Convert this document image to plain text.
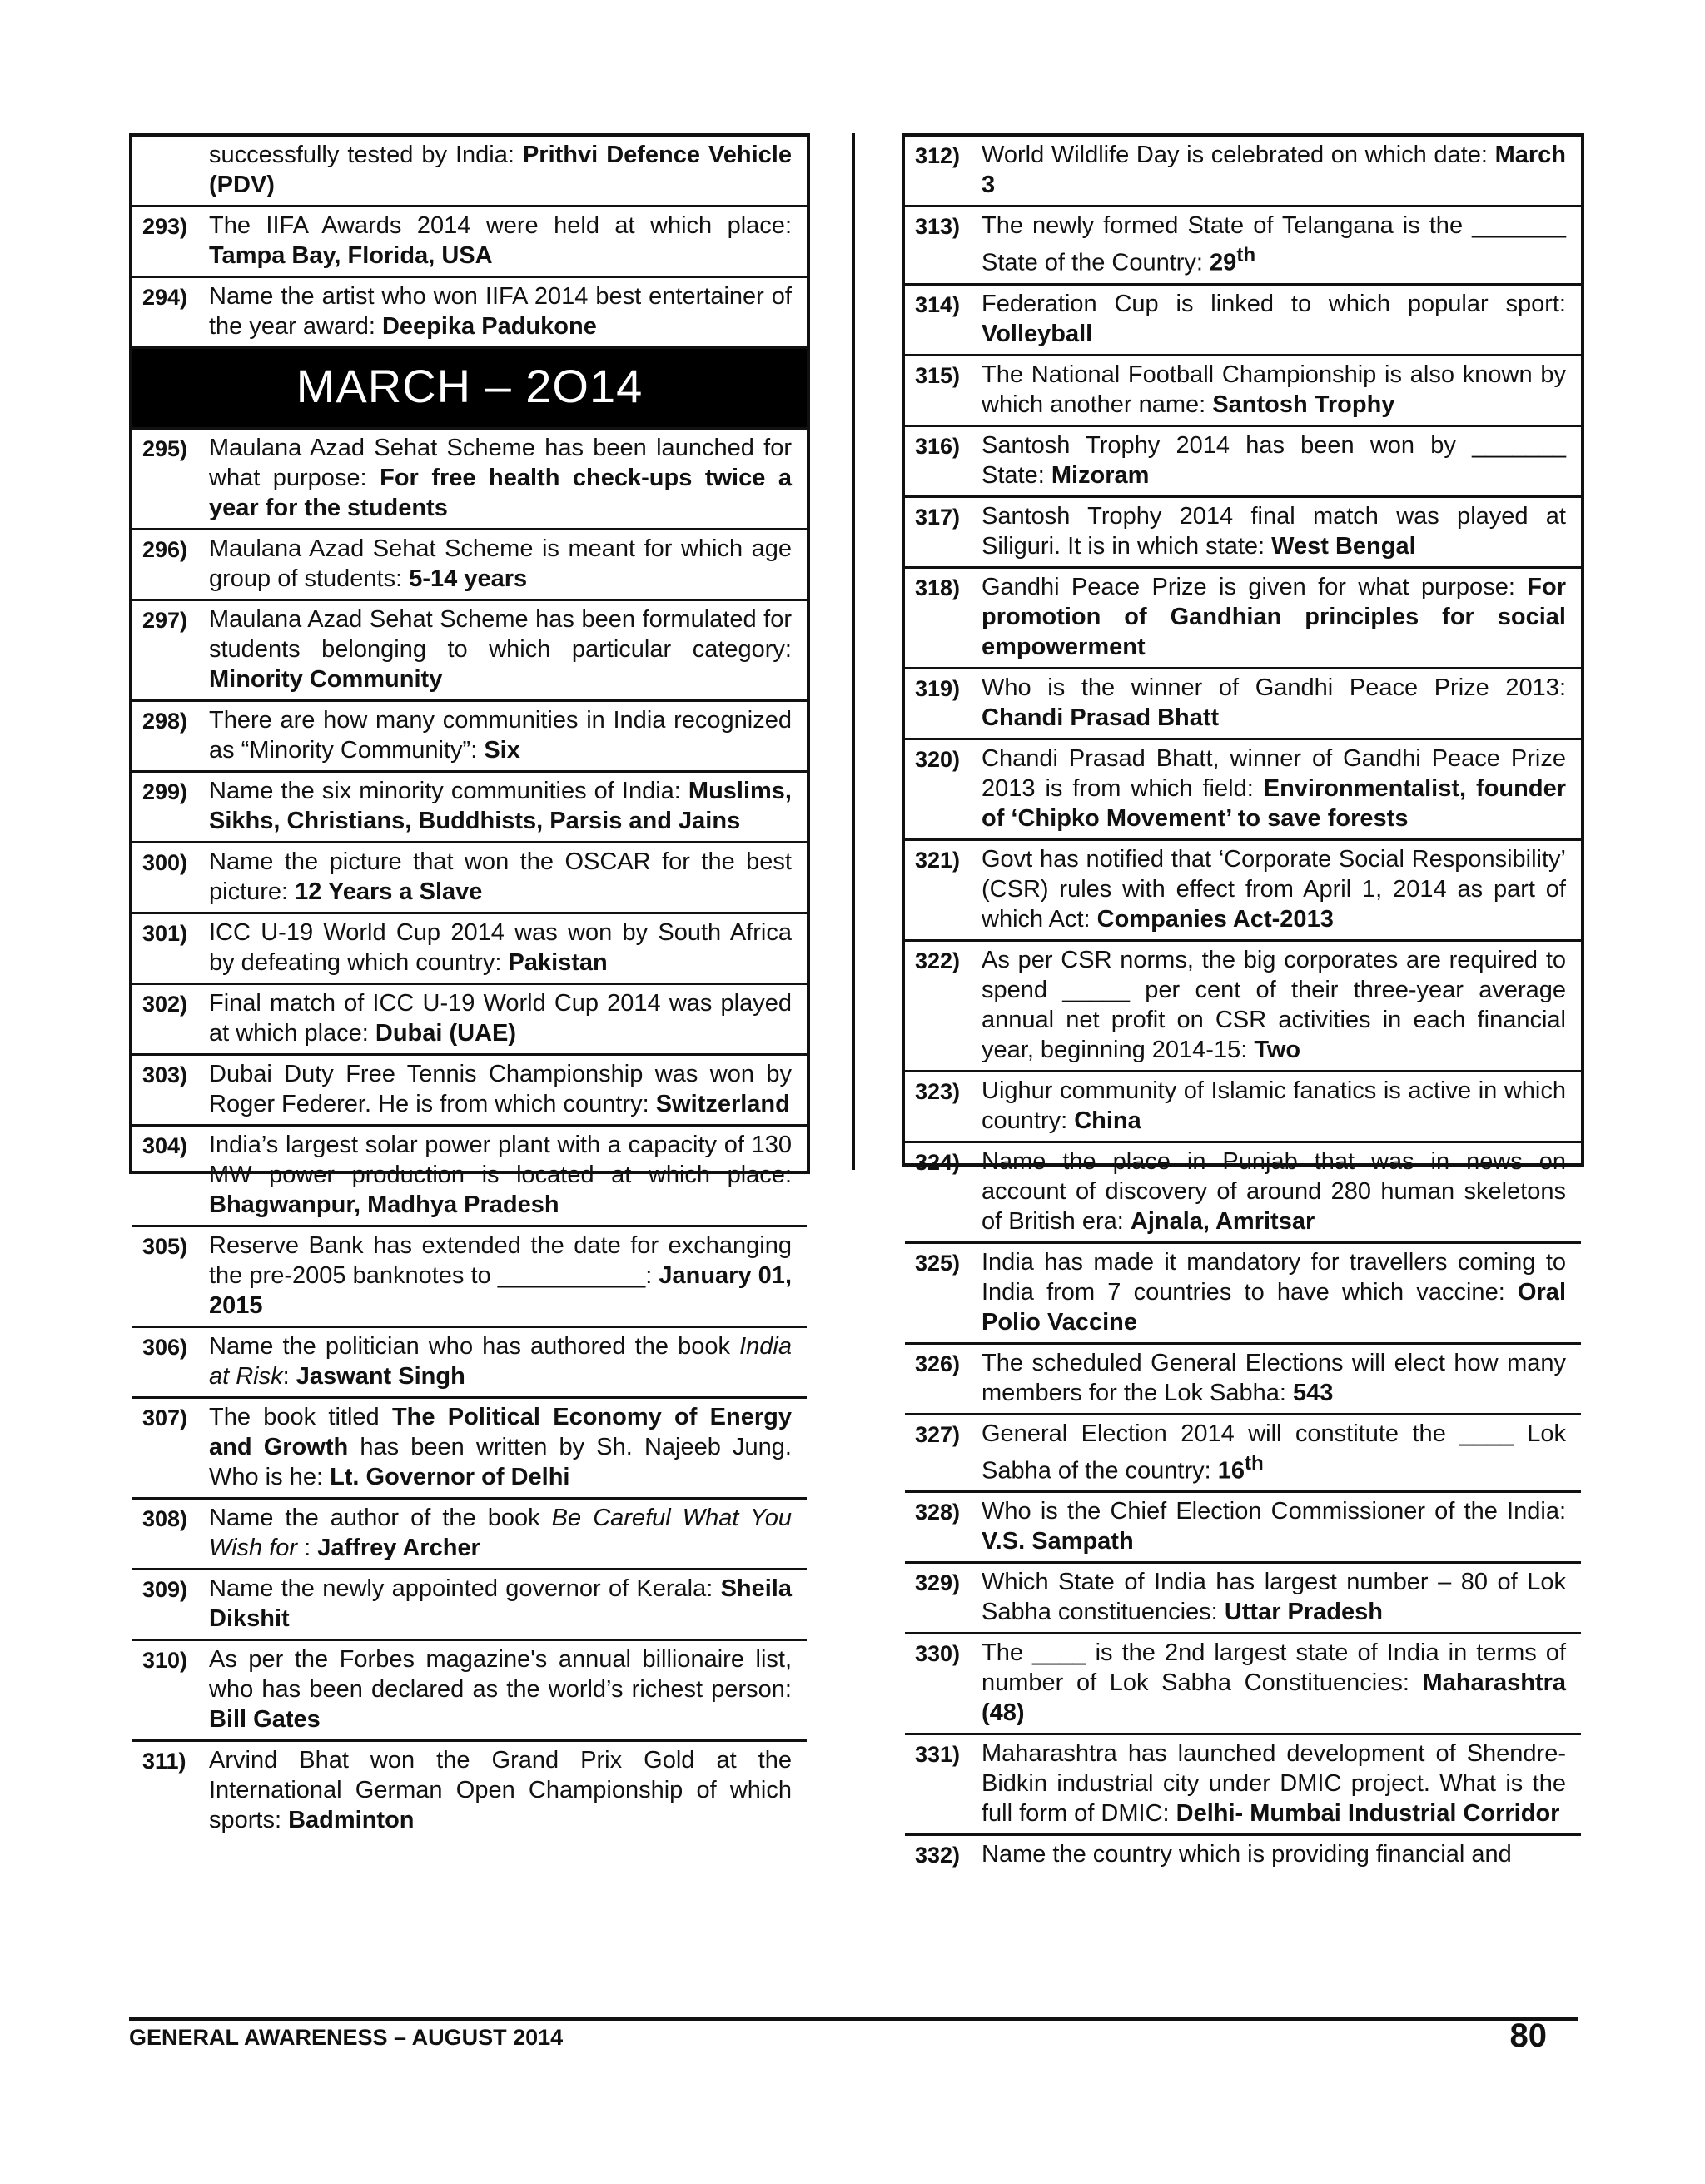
successfully tested by India: Prithvi Defence Vehicle (PDV)
293) The IIFA Awards 2014 were held at which place: Tampa Bay, Florida, USA
294) Name the artist who won IIFA 2014 best entertainer of the year award: Deepika Padukone
MARCH – 2O14
295) Maulana Azad Sehat Scheme has been launched for what purpose: For free health check-ups twice a year for the students
296) Maulana Azad Sehat Scheme is meant for which age group of students: 5-14 years
297) Maulana Azad Sehat Scheme has been formulated for students belonging to which particular category: Minority Community
298) There are how many communities in India recognized as “Minority Community”: Six
299) Name the six minority communities of India: Muslims, Sikhs, Christians, Buddhists, Parsis and Jains
300) Name the picture that won the OSCAR for the best picture: 12 Years a Slave
301) ICC U-19 World Cup 2014 was won by South Africa by defeating which country: Pakistan
302) Final match of ICC U-19 World Cup 2014 was played at which place: Dubai (UAE)
303) Dubai Duty Free Tennis Championship was won by Roger Federer. He is from which country: Switzerland
304) India’s largest solar power plant with a capacity of 130 MW power production is located at which place: Bhagwanpur, Madhya Pradesh
305) Reserve Bank has extended the date for exchanging the pre-2005 banknotes to ___________: January 01, 2015
306) Name the politician who has authored the book India at Risk: Jaswant Singh
307) The book titled The Political Economy of Energy and Growth has been written by Sh. Najeeb Jung. Who is he: Lt. Governor of Delhi
308) Name the author of the book Be Careful What You Wish for : Jaffrey Archer
309) Name the newly appointed governor of Kerala: Sheila Dikshit
310) As per the Forbes magazine's annual billionaire list, who has been declared as the world’s richest person: Bill Gates
311) Arvind Bhat won the Grand Prix Gold at the International German Open Championship of which sports: Badminton
312) World Wildlife Day is celebrated on which date: March 3
313) The newly formed State of Telangana is the _______ State of the Country: 29th
314) Federation Cup is linked to which popular sport: Volleyball
315) The National Football Championship is also known by which another name: Santosh Trophy
316) Santosh Trophy 2014 has been won by _______ State: Mizoram
317) Santosh Trophy 2014 final match was played at Siliguri. It is in which state: West Bengal
318) Gandhi Peace Prize is given for what purpose: For promotion of Gandhian principles for social empowerment
319) Who is the winner of Gandhi Peace Prize 2013: Chandi Prasad Bhatt
320) Chandi Prasad Bhatt, winner of Gandhi Peace Prize 2013 is from which field: Environmentalist, founder of ‘Chipko Movement’ to save forests
321) Govt has notified that ‘Corporate Social Responsibility’ (CSR) rules with effect from April 1, 2014 as part of which Act: Companies Act-2013
322) As per CSR norms, the big corporates are required to spend _____ per cent of their three-year average annual net profit on CSR activities in each financial year, beginning 2014-15: Two
323) Uighur community of Islamic fanatics is active in which country: China
324) Name the place in Punjab that was in news on account of discovery of around 280 human skeletons of British era: Ajnala, Amritsar
325) India has made it mandatory for travellers coming to India from 7 countries to have which vaccine: Oral Polio Vaccine
326) The scheduled General Elections will elect how many members for the Lok Sabha: 543
327) General Election 2014 will constitute the ____ Lok Sabha of the country: 16th
328) Who is the Chief Election Commissioner of the India: V.S. Sampath
329) Which State of India has largest number – 80 of Lok Sabha constituencies: Uttar Pradesh
330) The ____ is the 2nd largest state of India in terms of number of Lok Sabha Constituencies: Maharashtra (48)
331) Maharashtra has launched development of Shendre-Bidkin industrial city under DMIC project. What is the full form of DMIC: Delhi- Mumbai Industrial Corridor
332) Name the country which is providing financial and
GENERAL AWARENESS – AUGUST 2014	80
